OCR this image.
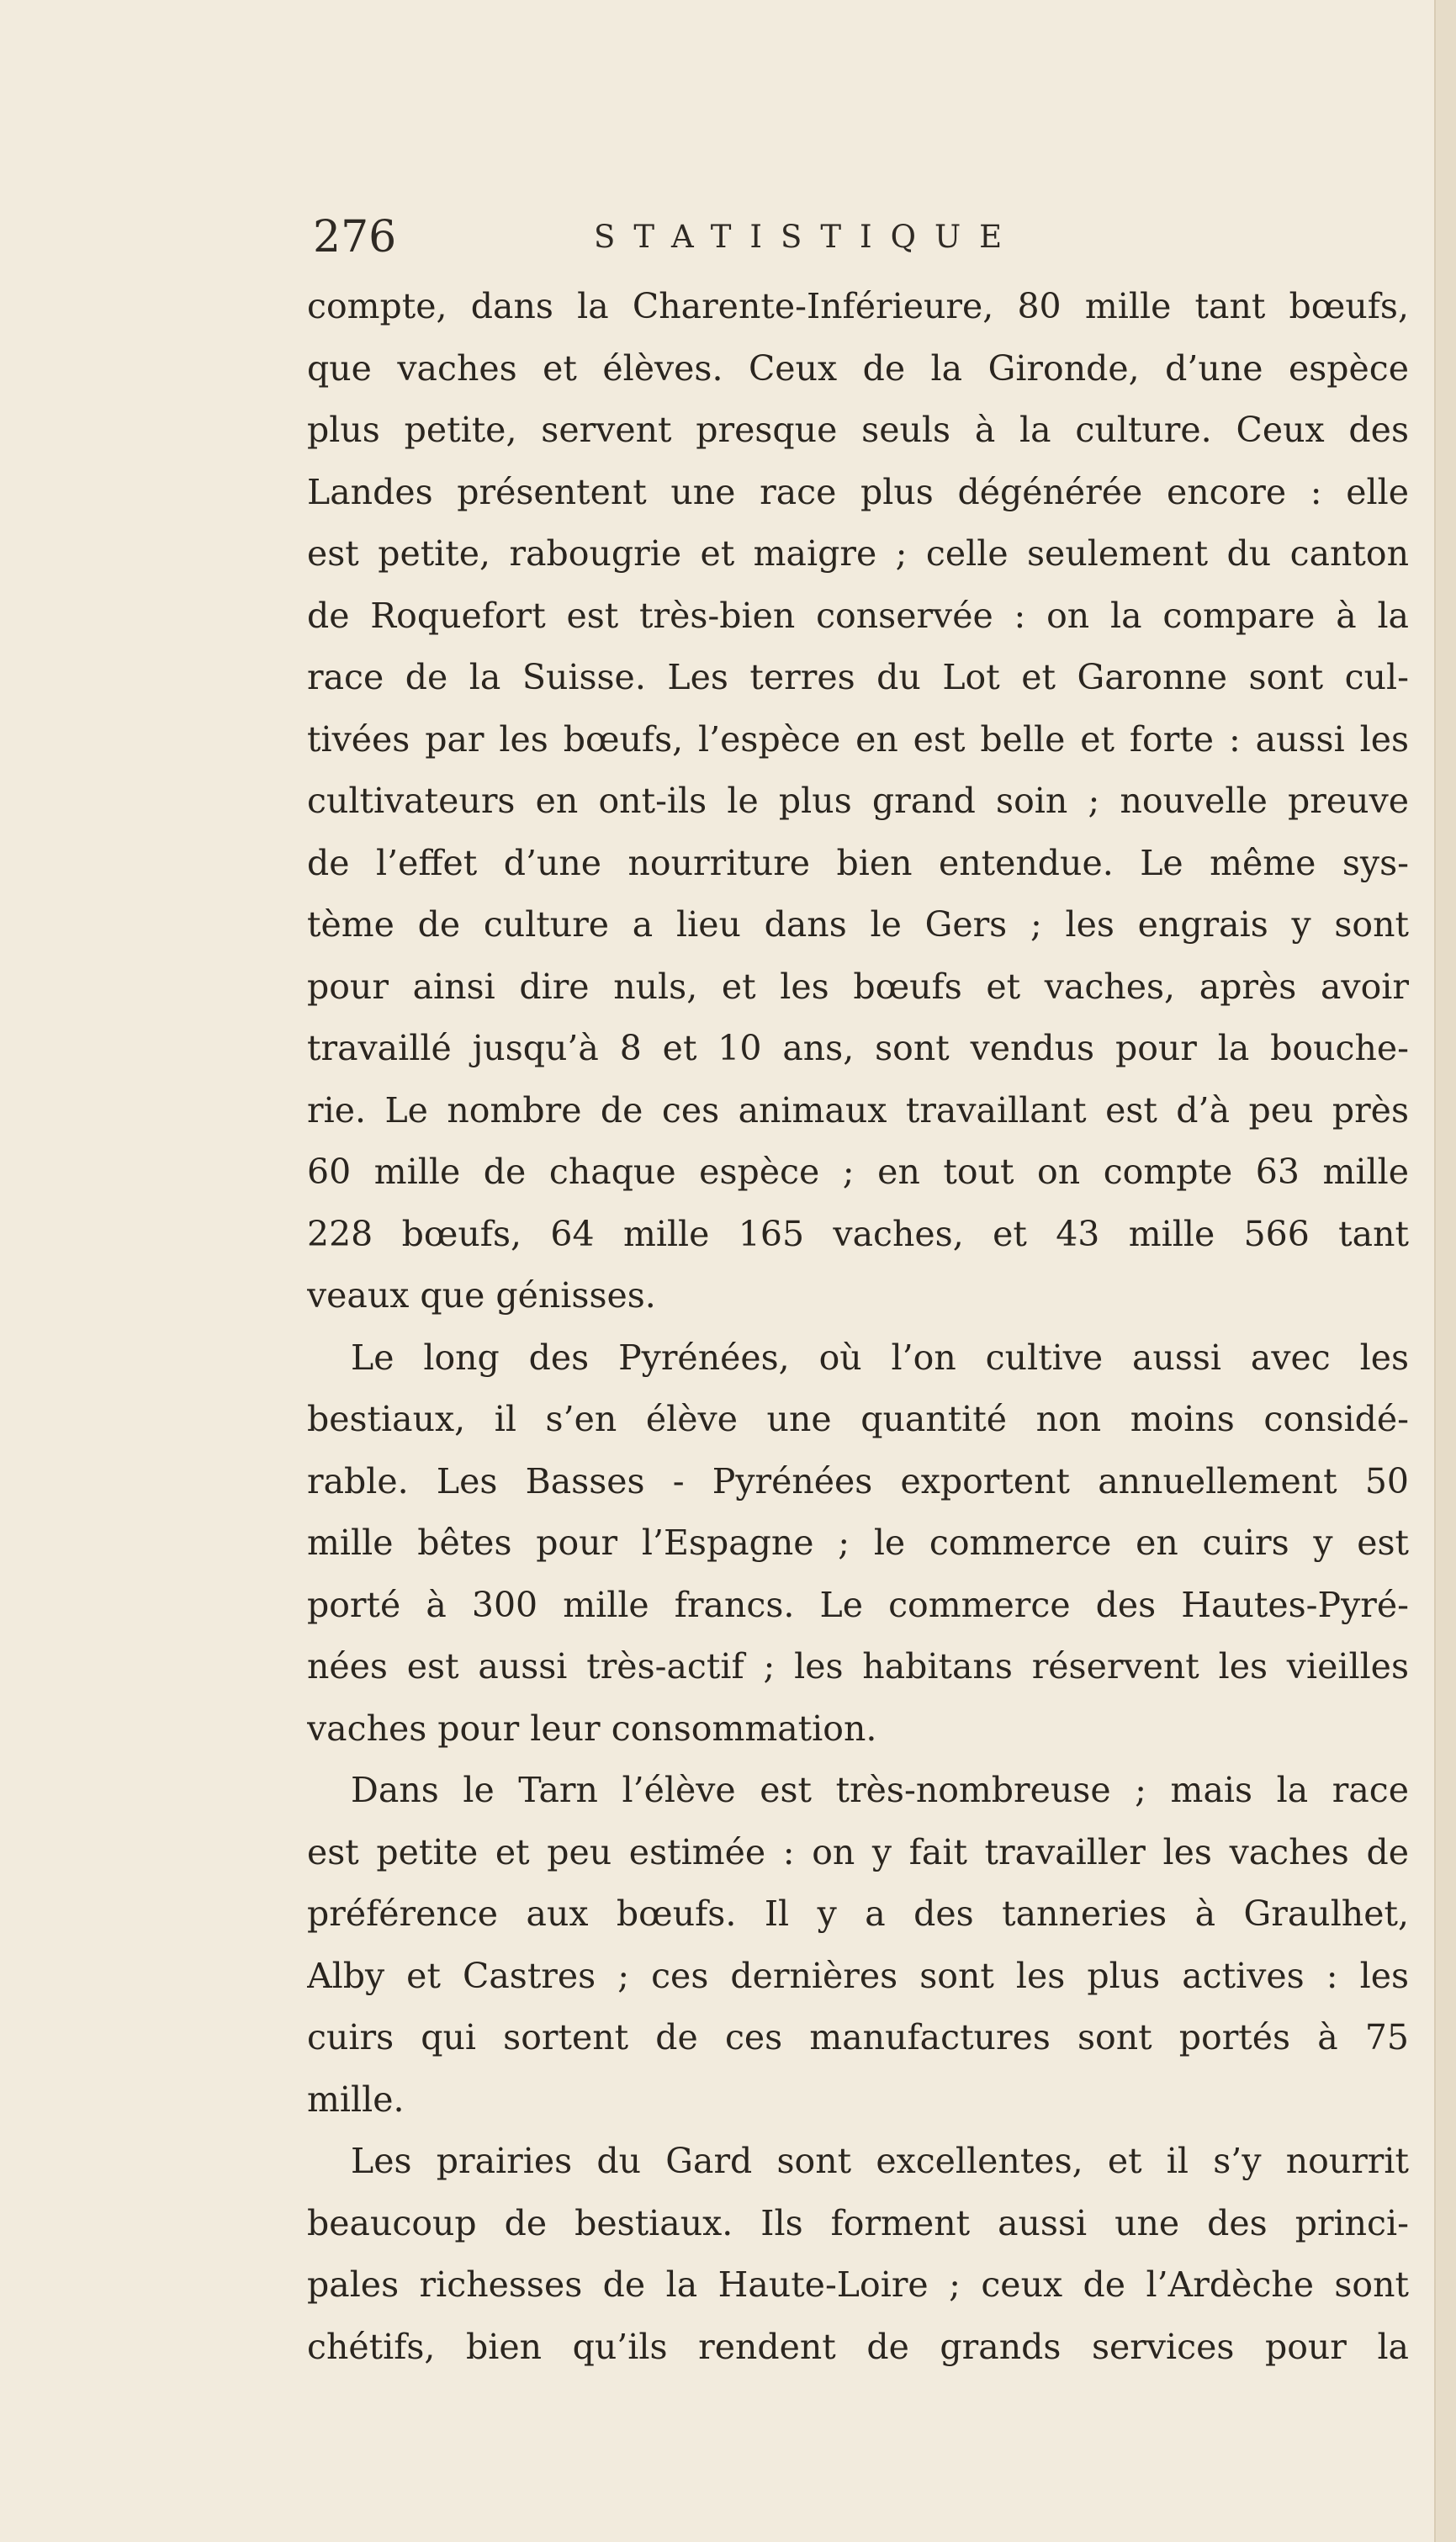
276	STATISTIQUE
compte, dans la Charente-Inférieure, 80 mille tant bœufs,
que vaches et élèves. Ceux de la Gironde, d’une espèce
plus petite, servent presque seuls à la culture. Ceux des
Landes présentent une race plus dégénérée encore : elle
est petite, rabougrie et maigre ; celle seulement du canton
de Roquefort est très-bien conservée : on la compare à la
race de la Suisse. Les terres du Lot et Garonne sont cul-
tivées par les bœufs, l’espèce en est belle et forte : aussi les
cultivateurs en ont-ils le plus grand soin ; nouvelle preuve
de l’effet d’une nourriture bien entendue. Le même sys-
tème de culture a lieu dans le Gers ; les engrais y sont
pour ainsi dire nuls, et les bœufs et vaches, après avoir
travaillé jusqu’à 8 et 10 ans, sont vendus pour la bouche-
rie. Le nombre de ces animaux travaillant est d’à peu près
60 mille de chaque espèce ; en tout on compte 63 mille
228 bœufs, 64 mille 165 vaches, et 43 mille 566 tant
veaux que génisses.
Le long des Pyrénées, où l’on cultive aussi avec les
bestiaux, il s’en élève une quantité non moins considé-
rable. Les Basses - Pyrénées exportent annuellement 50
mille bêtes pour l’Espagne ; le commerce en cuirs y est
porté à 300 mille francs. Le commerce des Hautes-Pyré-
nées est aussi très-actif ; les habitans réservent les vieilles
vaches pour leur consommation.
Dans le Tarn l’élève est très-nombreuse ; mais la race
est petite et peu estimée : on y fait travailler les vaches de
préférence aux bœufs. Il y a des tanneries à Graulhet,
Alby et Castres ; ces dernières sont les plus actives : les
cuirs qui sortent de ces manufactures sont portés à 75
mille.
Les prairies du Gard sont excellentes, et il s’y nourrit
beaucoup de bestiaux. Ils forment aussi une des princi-
pales richesses de la Haute-Loire ; ceux de l’Ardèche sont
chétifs, bien qu’ils rendent de grands services pour la
